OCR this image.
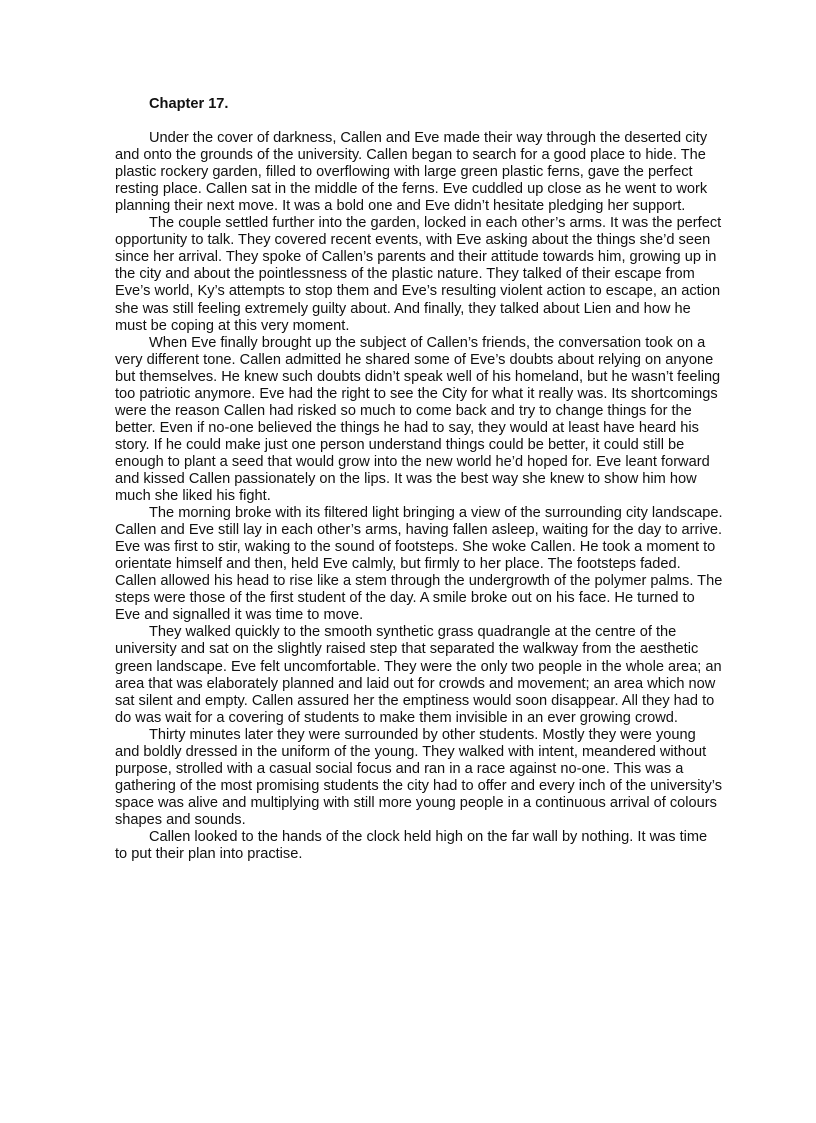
Chapter 17.

Under the cover of darkness, Callen and Eve made their way through the deserted city and onto the grounds of the university. Callen began to search for a good place to hide. The plastic rockery garden, filled to overflowing with large green plastic ferns, gave the perfect resting place. Callen sat in the middle of the ferns. Eve cuddled up close as he went to work planning their next move. It was a bold one and Eve didn’t hesitate pledging her support.

The couple settled further into the garden, locked in each other’s arms. It was the perfect opportunity to talk. They covered recent events, with Eve asking about the things she’d seen since her arrival. They spoke of Callen’s parents and their attitude towards him, growing up in the city and about the pointlessness of the plastic nature. They talked of their escape from Eve’s world, Ky’s attempts to stop them and Eve’s resulting violent action to escape, an action she was still feeling extremely guilty about. And finally, they talked about Lien and how he must be coping at this very moment.

When Eve finally brought up the subject of Callen’s friends, the conversation took on a very different tone. Callen admitted he shared some of Eve’s doubts about relying on anyone but themselves. He knew such doubts didn’t speak well of his homeland, but he wasn’t feeling too patriotic anymore. Eve had the right to see the City for what it really was. Its shortcomings were the reason Callen had risked so much to come back and try to change things for the better. Even if no-one believed the things he had to say, they would at least have heard his story. If he could make just one person understand things could be better, it could still be enough to plant a seed that would grow into the new world he’d hoped for. Eve leant forward and kissed Callen passionately on the lips. It was the best way she knew to show him how much she liked his fight.

The morning broke with its filtered light bringing a view of the surrounding city landscape. Callen and Eve still lay in each other’s arms, having fallen asleep, waiting for the day to arrive. Eve was first to stir, waking to the sound of footsteps. She woke Callen. He took a moment to orientate himself and then, held Eve calmly, but firmly to her place. The footsteps faded. Callen allowed his head to rise like a stem through the undergrowth of the polymer palms. The steps were those of the first student of the day. A smile broke out on his face. He turned to Eve and signalled it was time to move.

They walked quickly to the smooth synthetic grass quadrangle at the centre of the university and sat on the slightly raised step that separated the walkway from the aesthetic green landscape. Eve felt uncomfortable. They were the only two people in the whole area; an area that was elaborately planned and laid out for crowds and movement; an area which now sat silent and empty. Callen assured her the emptiness would soon disappear. All they had to do was wait for a covering of students to make them invisible in an ever growing crowd.

Thirty minutes later they were surrounded by other students. Mostly they were young and boldly dressed in the uniform of the young. They walked with intent, meandered without purpose, strolled with a casual social focus and ran in a race against no-one. This was a gathering of the most promising students the city had to offer and every inch of the university’s space was alive and multiplying with still more young people in a continuous arrival of colours shapes and sounds.

Callen looked to the hands of the clock held high on the far wall by nothing. It was time to put their plan into practise.
